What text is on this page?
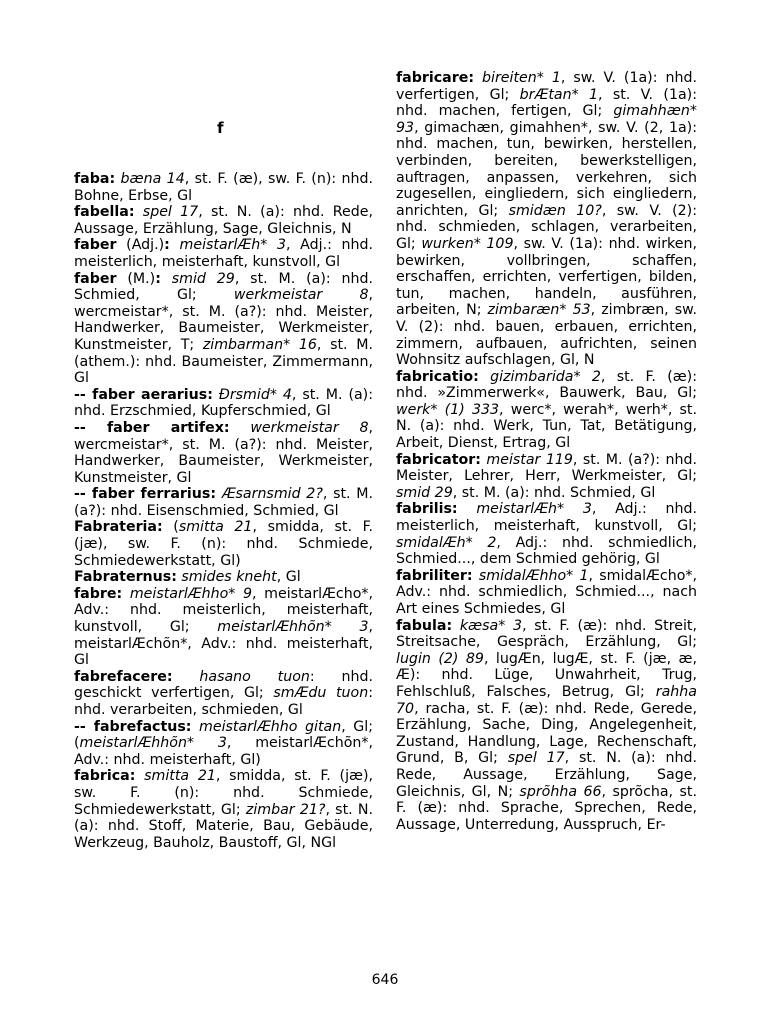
f

faba: bæna 14, st. F. (æ), sw. F. (n): nhd. Bohne, Erbse, Gl

fabella: spel 17, st. N. (a): nhd. Rede, Aussage, Erzählung, Sage, Gleichnis, N

faber (Adj.): meistarlÆh* 3, Adj.: nhd. meisterlich, meisterhaft, kunstvoll, Gl

faber (M.): smid 29, st. M. (a): nhd. Schmied, Gl; werkmeistar 8, wercmeistar*, st. M. (a?): nhd. Meister, Handwerker, Baumeister, Werkmeister, Kunstmeister, T; zimbarman* 16, st. M. (athem.): nhd. Baumeister, Zimmermann, Gl

-- faber aerarius: Ðrsmid* 4, st. M. (a): nhd. Erzschmied, Kupferschmied, Gl

-- faber artifex: werkmeistar 8, wercmeistar*, st. M. (a?): nhd. Meister, Handwerker, Baumeister, Werkmeister, Kunstmeister, Gl

-- faber ferrarius: Æsarnsmid 2?, st. M. (a?): nhd. Eisenschmied, Schmied, Gl

Fabrateria: (smitta 21, smidda, st. F. (jæ), sw. F. (n): nhd. Schmiede, Schmiedewerkstatt, Gl)

Fabraternus: smides kneht, Gl

fabre: meistarlÆhho* 9, meistarlÆcho*, Adv.: nhd. meisterlich, meisterhaft, kunstvoll, Gl; meistarlÆhhõn* 3, meistarlÆchõn*, Adv.: nhd. meisterhaft, Gl

fabrefacere: hasano tuon: nhd. geschickt verfertigen, Gl; smÆdu tuon: nhd. verarbeiten, schmieden, Gl

-- fabrefactus: meistarlÆhho gitan, Gl; (meistarlÆhhõn* 3, meistarlÆchõn*, Adv.: nhd. meisterhaft, Gl)

fabrica: smitta 21, smidda, st. F. (jæ), sw. F. (n): nhd. Schmiede, Schmiedewerkstatt, Gl; zimbar 21?, st. N. (a): nhd. Stoff, Materie, Bau, Gebäude, Werkzeug, Bauholz, Baustoff, Gl, NGl

fabricare: bireiten* 1, sw. V. (1a): nhd. verfertigen, Gl; brÆtan* 1, st. V. (1a): nhd. machen, fertigen, Gl; gimahhæn* 93, gimachæn, gimahhen*, sw. V. (2, 1a): nhd. machen, tun, bewirken, herstellen, verbinden, bereiten, bewerkstelligen, auftragen, anpassen, verkehren, sich zugesellen, eingliedern, sich eingliedern, anrichten, Gl; smidæn 10?, sw. V. (2): nhd. schmieden, schlagen, verarbeiten, Gl; wurken* 109, sw. V. (1a): nhd. wirken, bewirken, vollbringen, schaffen, erschaffen, errichten, verfertigen, bilden, tun, machen, handeln, ausführen, arbeiten, N; zimbaræn* 53, zimbræn, sw. V. (2): nhd. bauen, erbauen, errichten, zimmern, aufbauen, aufrichten, seinen Wohnsitz aufschlagen, Gl, N

fabricatio: gizimbarida* 2, st. F. (æ): nhd. »Zimmerwerk«, Bauwerk, Bau, Gl; werk* (1) 333, werc*, werah*, werh*, st. N. (a): nhd. Werk, Tun, Tat, Betätigung, Arbeit, Dienst, Ertrag, Gl

fabricator: meistar 119, st. M. (a?): nhd. Meister, Lehrer, Herr, Werkmeister, Gl; smid 29, st. M. (a): nhd. Schmied, Gl

fabrilis: meistarlÆh* 3, Adj.: nhd. meisterlich, meisterhaft, kunstvoll, Gl; smidalÆh* 2, Adj.: nhd. schmiedlich, Schmied..., dem Schmied gehörig, Gl

fabriliter: smidalÆhho* 1, smidalÆcho*, Adv.: nhd. schmiedlich, Schmied..., nach Art eines Schmiedes, Gl

fabula: kæsa* 3, st. F. (æ): nhd. Streit, Streitsache, Gespräch, Erzählung, Gl; lugin (2) 89, lugÆn, lugÆ, st. F. (jæ, æ, Æ): nhd. Lüge, Unwahrheit, Trug, Fehlschluß, Falsches, Betrug, Gl; rahha 70, racha, st. F. (æ): nhd. Rede, Gerede, Erzählung, Sache, Ding, Angelegenheit, Zustand, Handlung, Lage, Rechenschaft, Grund, B, Gl; spel 17, st. N. (a): nhd. Rede, Aussage, Erzählung, Sage, Gleichnis, Gl, N; sprõhha 66, sprõcha, st. F. (æ): nhd. Sprache, Sprechen, Rede, Aussage, Unterredung, Ausspruch, Er-

646
